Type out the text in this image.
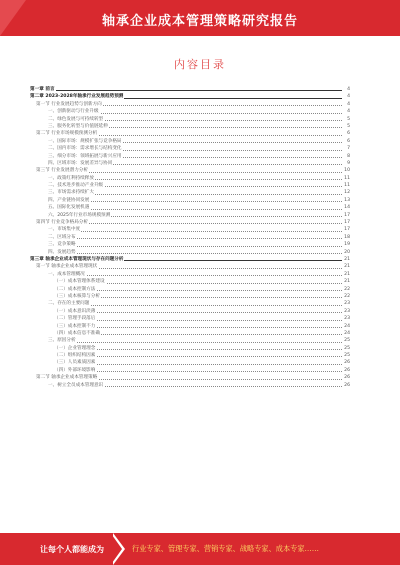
轴承企业成本管理策略研究报告
内容目录
第一章 前言	4
第二章 2023-2028年轴承行业发展趋势预测	4
第一节 行业发展趋势与创新方向	4
一、创新驱动与行业升级	4
二、绿色发展与可持续转型	5
三、服务化转型与价值链延伸	5
第二节 行业市场规模预测分析	6
一、国际市场：规模扩张与竞争格局	6
二、国内市场：需求增长与结构变化	7
三、细分市场：领域拓展与新兴应用	8
四、区域市场：发展差异与协同	9
第三节 行业发展潜力分析	10
一、政策红利持续释放	11
二、技术进步推动产业升级	11
三、市场需求持续扩大	12
四、产业链协同发展	13
五、国际化发展机遇	14
六、2025年行业市场规模预测	17
第四节 行业竞争格局分析	17
一、市场集中度	17
二、区域分布	18
三、竞争策略	19
四、发展趋势	20
第三章 轴承企业成本管理现状与存在问题分析	21
第一节 轴承企业成本管理现状	21
一、成本管理概况	21
（一）成本管理体系建设	21
（二）成本控制方法	22
（三）成本核算与分析	22
二、存在的主要问题	23
（一）成本意识淡薄	23
（二）管理手段落后	23
（三）成本控制不力	24
（四）成本信息不准确	24
三、原因分析	25
（一）企业管理理念	25
（二）组织结构因素	25
（三）人员素质因素	26
（四）外部环境影响	26
第二节 轴承企业成本管理策略	26
一、树立全员成本管理意识	26
让每个人都能成为	行业专家、管理专家、营销专家、战略专家、成本专家……
